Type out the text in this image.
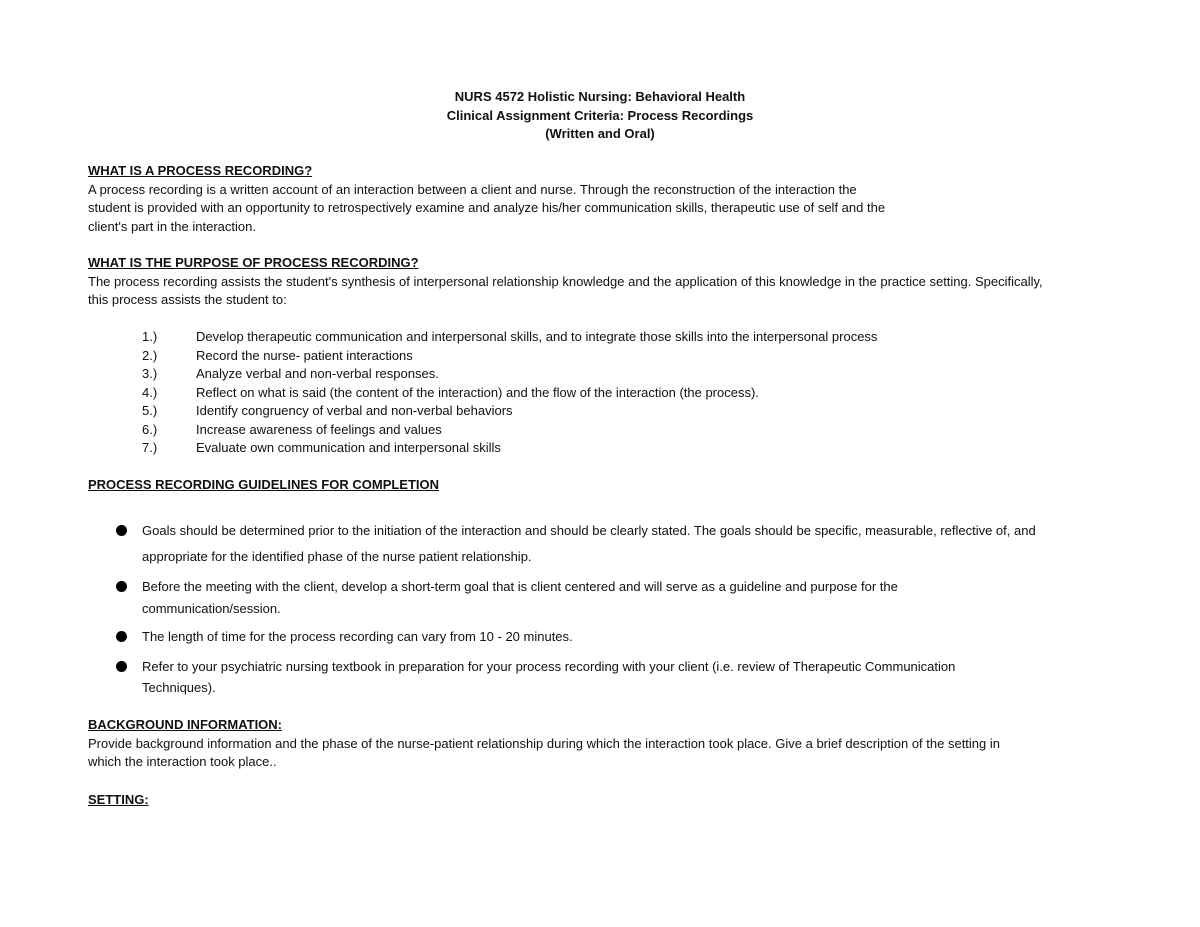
NURS 4572 Holistic Nursing: Behavioral Health
Clinical Assignment Criteria: Process Recordings
(Written and Oral)
WHAT IS A PROCESS RECORDING?
A process recording is a written account of an interaction between a client and nurse. Through the reconstruction of the interaction the
student is provided with an opportunity to retrospectively examine and analyze his/her communication skills, therapeutic use of self and the
client's part in the interaction.
WHAT IS THE PURPOSE OF PROCESS RECORDING?
The process recording assists the student's synthesis of interpersonal relationship knowledge and the application of this knowledge in the practice setting. Specifically,
this process assists the student to:
1.)	Develop therapeutic communication and interpersonal skills, and to integrate those skills into the interpersonal process
2.)	Record the nurse- patient interactions
3.)	Analyze verbal and non-verbal responses.
4.)	Reflect on what is said (the content of the interaction) and the flow of the interaction (the process).
5.)	Identify congruency of verbal and non-verbal behaviors
6.)	Increase awareness of feelings and values
7.)	Evaluate own communication and interpersonal skills
PROCESS RECORDING GUIDELINES FOR COMPLETION
Goals should be determined prior to the initiation of the interaction and should be clearly stated. The goals should be specific, measurable, reflective of, and
appropriate for the identified phase of the nurse patient relationship.
Before the meeting with the client, develop a short-term goal that is client centered and will serve as a guideline and purpose for the
communication/session.
The length of time for the process recording can vary from 10 - 20 minutes.
Refer to your psychiatric nursing textbook in preparation for your process recording with your client (i.e. review of Therapeutic Communication
Techniques).
BACKGROUND INFORMATION:
Provide background information and the phase of the nurse-patient relationship during which the interaction took place. Give a brief description of the setting in
which the interaction took place..
SETTING:
